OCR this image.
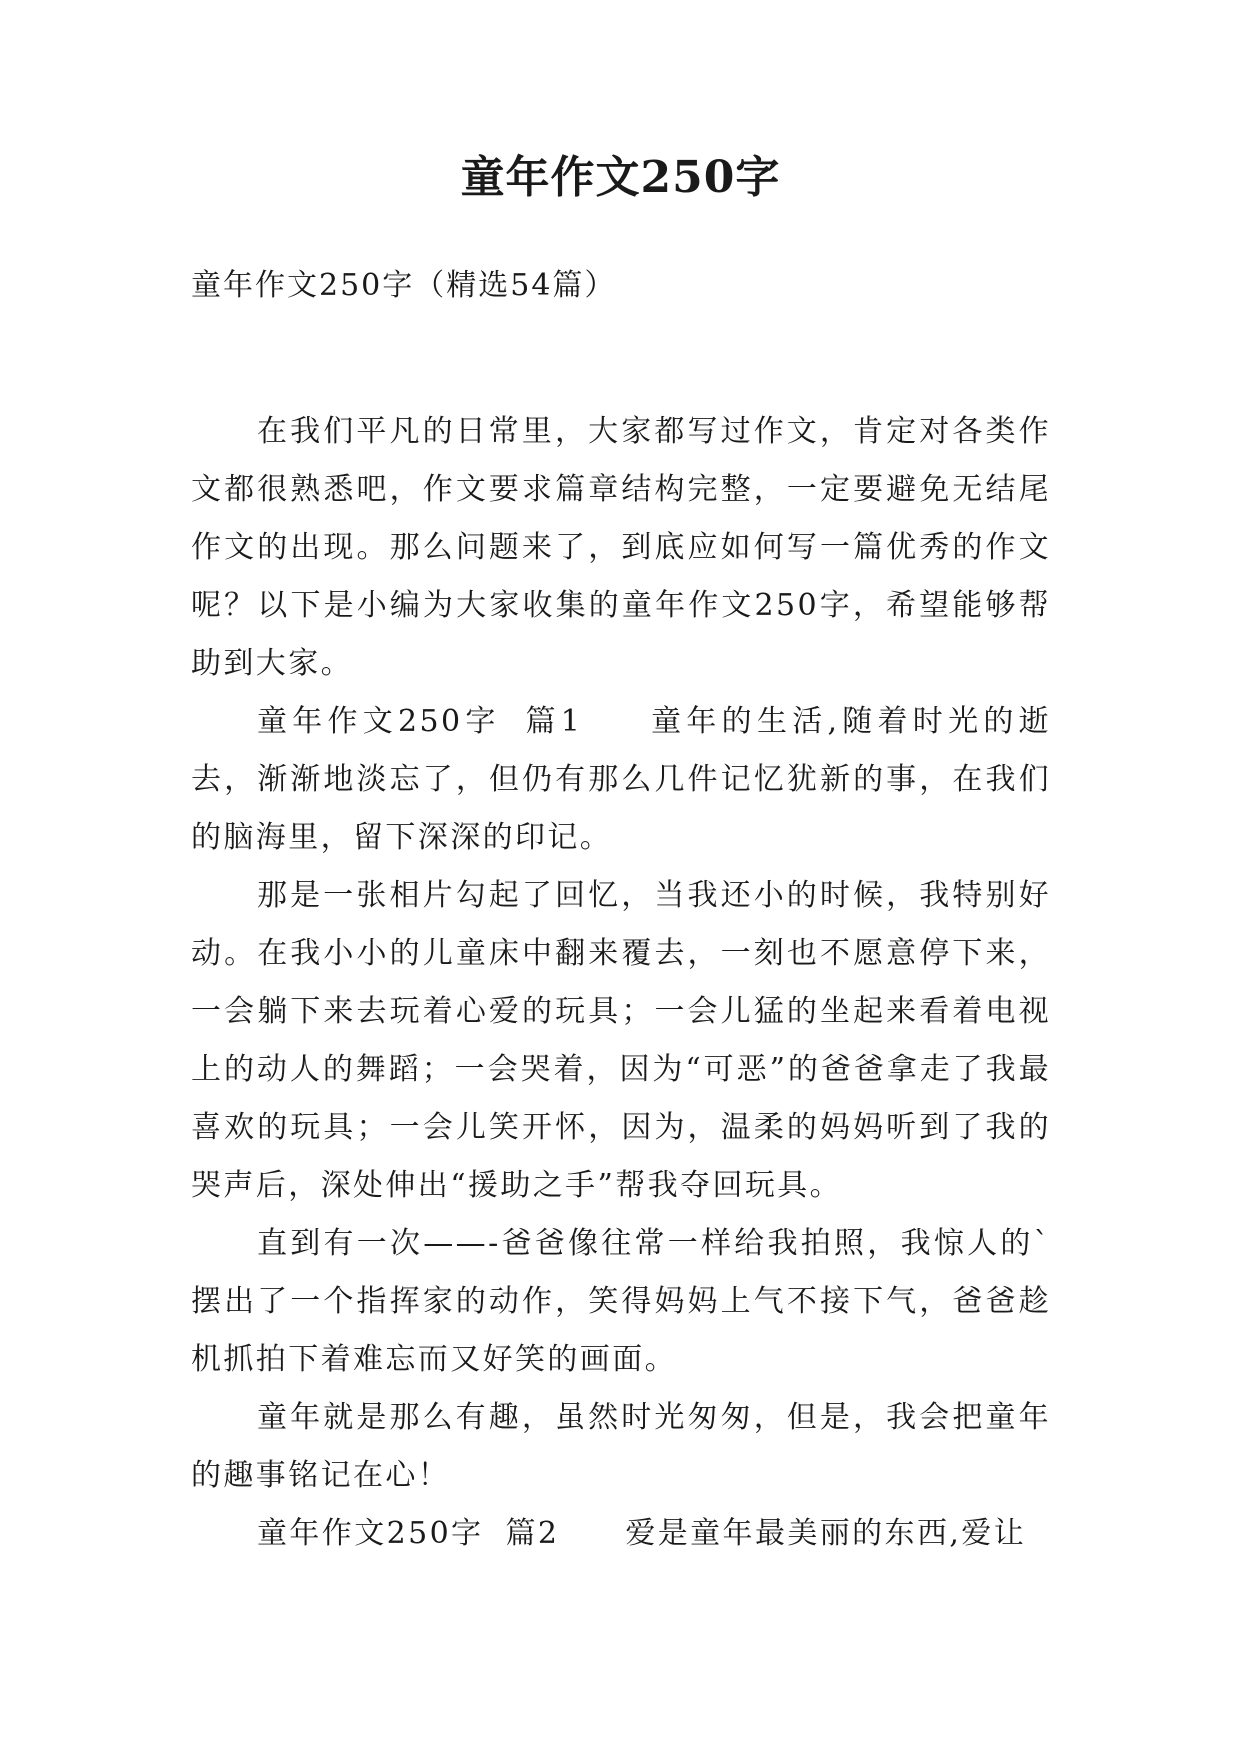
童年作文250字

童年作文250字（精选54篇）

在我们平凡的日常里，大家都写过作文，肯定对各类作文都很熟悉吧，作文要求篇章结构完整，一定要避免无结尾作文的出现。那么问题来了，到底应如何写一篇优秀的作文呢？以下是小编为大家收集的童年作文250字，希望能够帮助到大家。

童年作文250字 篇1 童年的生活,随着时光的逝去，渐渐地淡忘了，但仍有那么几件记忆犹新的事，在我们的脑海里，留下深深的印记。

那是一张相片勾起了回忆，当我还小的时候，我特别好动。在我小小的儿童床中翻来覆去，一刻也不愿意停下来，一会躺下来去玩着心爱的玩具；一会儿猛的坐起来看着电视上的动人的舞蹈；一会哭着，因为“可恶”的爸爸拿走了我最喜欢的玩具；一会儿笑开怀，因为，温柔的妈妈听到了我的哭声后，深处伸出“援助之手”帮我夺回玩具。

直到有一次——-爸爸像往常一样给我拍照，我惊人的`摆出了一个指挥家的动作，笑得妈妈上气不接下气，爸爸趁机抓拍下着难忘而又好笑的画面。

童年就是那么有趣，虽然时光匆匆，但是，我会把童年的趣事铭记在心！

童年作文250字 篇2 爱是童年最美丽的东西,爱让
